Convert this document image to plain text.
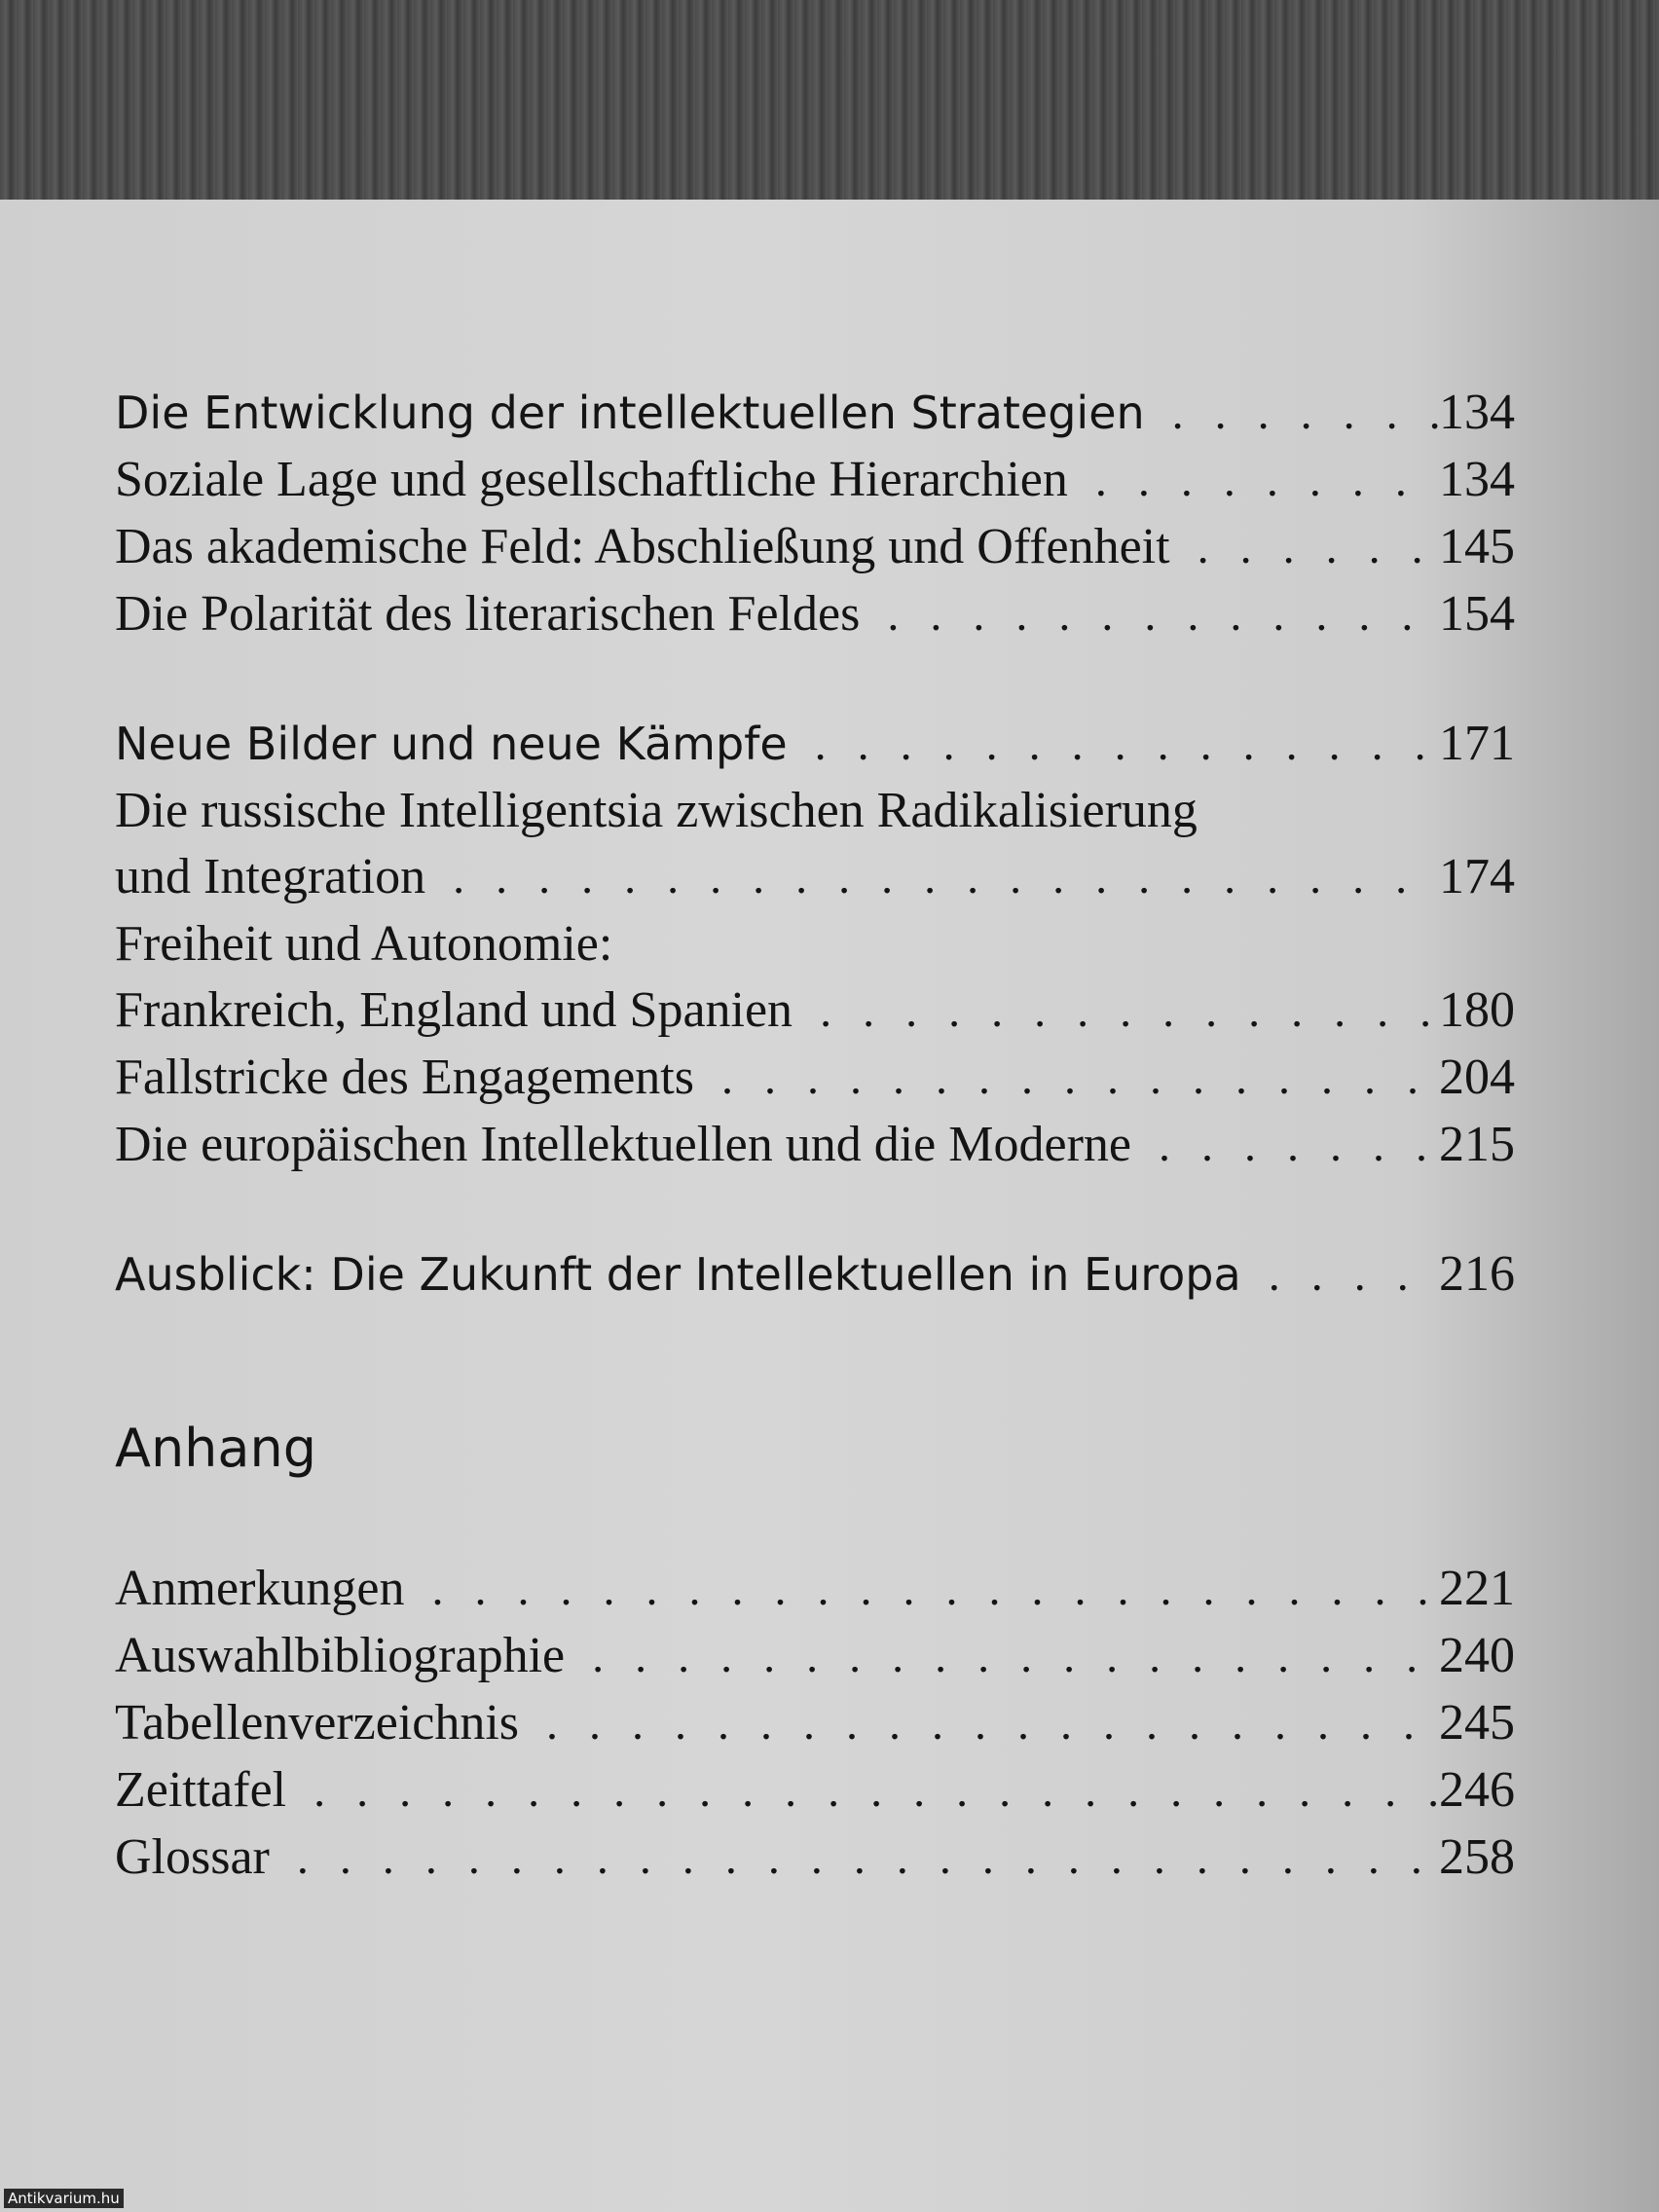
Die Entwicklung der intellektuellen Strategien . . .	134
Soziale Lage und gesellschaftliche Hierarchien . . .	134
Das akademische Feld: Abschließung und Offenheit . . .	145
Die Polarität des literarischen Feldes . . .	154
Neue Bilder und neue Kämpfe . . .	171
Die russische Intelligentsia zwischen Radikalisierung
und Integration . . .	174
Freiheit und Autonomie:
Frankreich, England und Spanien . . .	180
Fallstricke des Engagements . . .	204
Die europäischen Intellektuellen und die Moderne . . .	215
Ausblick: Die Zukunft der Intellektuellen in Europa . . .	216
Anhang
Anmerkungen . . .	221
Auswahlbibliographie . . .	240
Tabellenverzeichnis . . .	245
Zeittafel . . .	246
Glossar . . .	258
Antikvarium.hu
